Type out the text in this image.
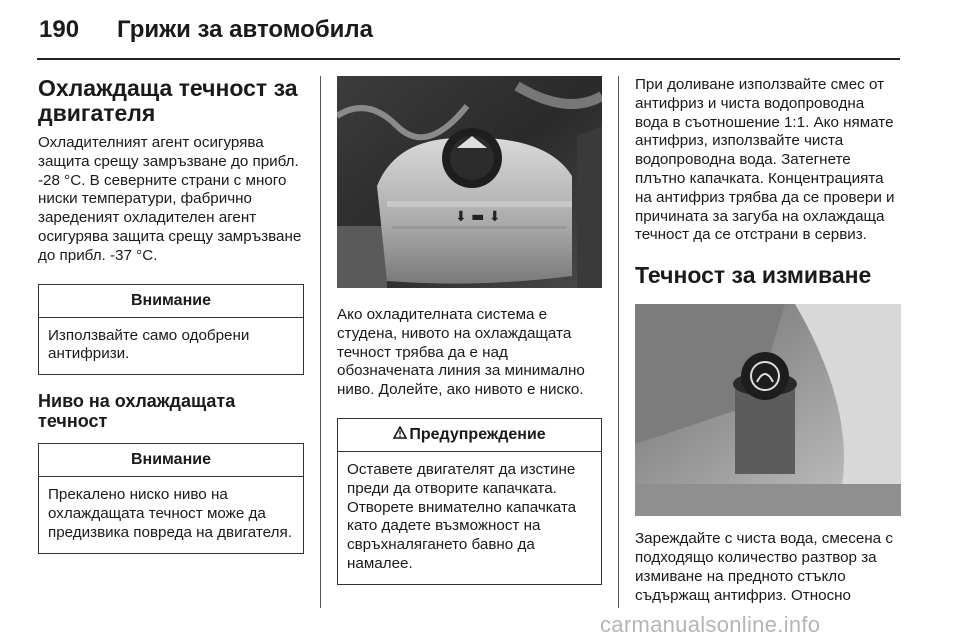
190 Грижи за автомобила
Охлаждаща течност за двигателя

Охладителният агент осигурява защита срещу замръзване до прибл. -28 °C. В северните страни с много ниски температури, фабрично зареденият охладителен агент осигурява защита срещу замръзване до прибл. -37 °C.

Внимание
Използвайте само одобрени антифризи.
Ниво на охлаждащата течност
Внимание
Прекалено ниско ниво на охлаждащата течност може да предизвика повреда на двигателя.
⬇ ▬ ⬇

Ако охладителната система е студена, нивото на охлаждащата течност трябва да е над обозначената линия за минимално ниво. Долейте, ако нивото е ниско.

Предупреждение
Оставете двигателят да изстине преди да отворите капачката. Отворете внимателно капачката като дадете възможност на свръхналягането бавно да намалее.

При доливане използвайте смес от антифриз и чиста водопроводна вода в съотношение 1:1. Ако нямате антифриз, използвайте чиста водопроводна вода. Затегнете плътно капачката. Концентрацията на антифриз трябва да се провери и причината за загуба на охлаждаща течност да се отстрани в сервиз.

Течност за измиване

Зареждайте с чиста вода, смесена с подходящо количество разтвор за измиване на предното стъкло съдържащ антифриз. Относно

carmanualsonline.info
